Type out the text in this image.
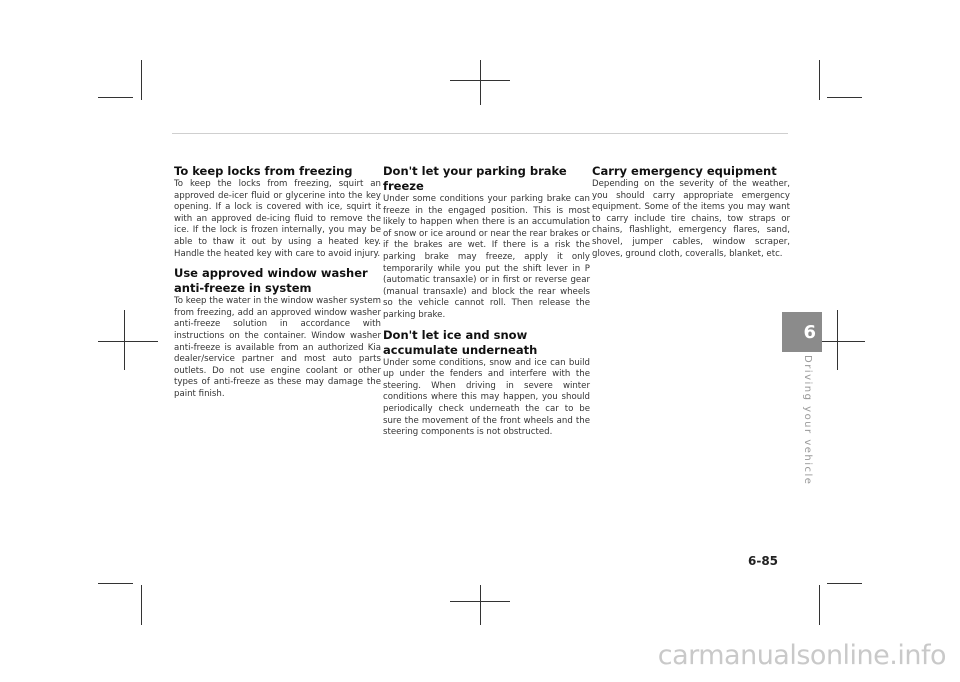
To keep locks from freezing

To keep the locks from freezing, squirt an approved de-icer fluid or glycerine into the key opening. If a lock is covered with ice, squirt it with an approved de-icing fluid to remove the ice. If the lock is frozen internally, you may be able to thaw it out by using a heated key. Handle the heated key with care to avoid injury.

Use approved window washer anti-freeze in system

To keep the water in the window washer system from freezing, add an approved window washer anti-freeze solution in accordance with instructions on the container. Window washer anti-freeze is available from an authorized Kia dealer/service partner and most auto parts outlets. Do not use engine coolant or other types of anti-freeze as these may damage the paint finish.

Don't let your parking brake freeze

Under some conditions your parking brake can freeze in the engaged position. This is most likely to happen when there is an accumulation of snow or ice around or near the rear brakes or if the brakes are wet. If there is a risk the parking brake may freeze, apply it only temporarily while you put the shift lever in P (automatic transaxle) or in first or reverse gear (manual transaxle) and block the rear wheels so the vehicle cannot roll. Then release the parking brake.

Don't let ice and snow accumulate underneath

Under some conditions, snow and ice can build up under the fenders and interfere with the steering. When driving in severe winter conditions where this may happen, you should periodically check underneath the car to be sure the movement of the front wheels and the steering components is not obstructed.

Carry emergency equipment

Depending on the severity of the weather, you should carry appropriate emergency equipment. Some of the items you may want to carry include tire chains, tow straps or chains, flashlight, emergency flares, sand, shovel, jumper cables, window scraper, gloves, ground cloth, coveralls, blanket, etc.

6
Driving your vehicle
6-85
carmanualsonline.info
